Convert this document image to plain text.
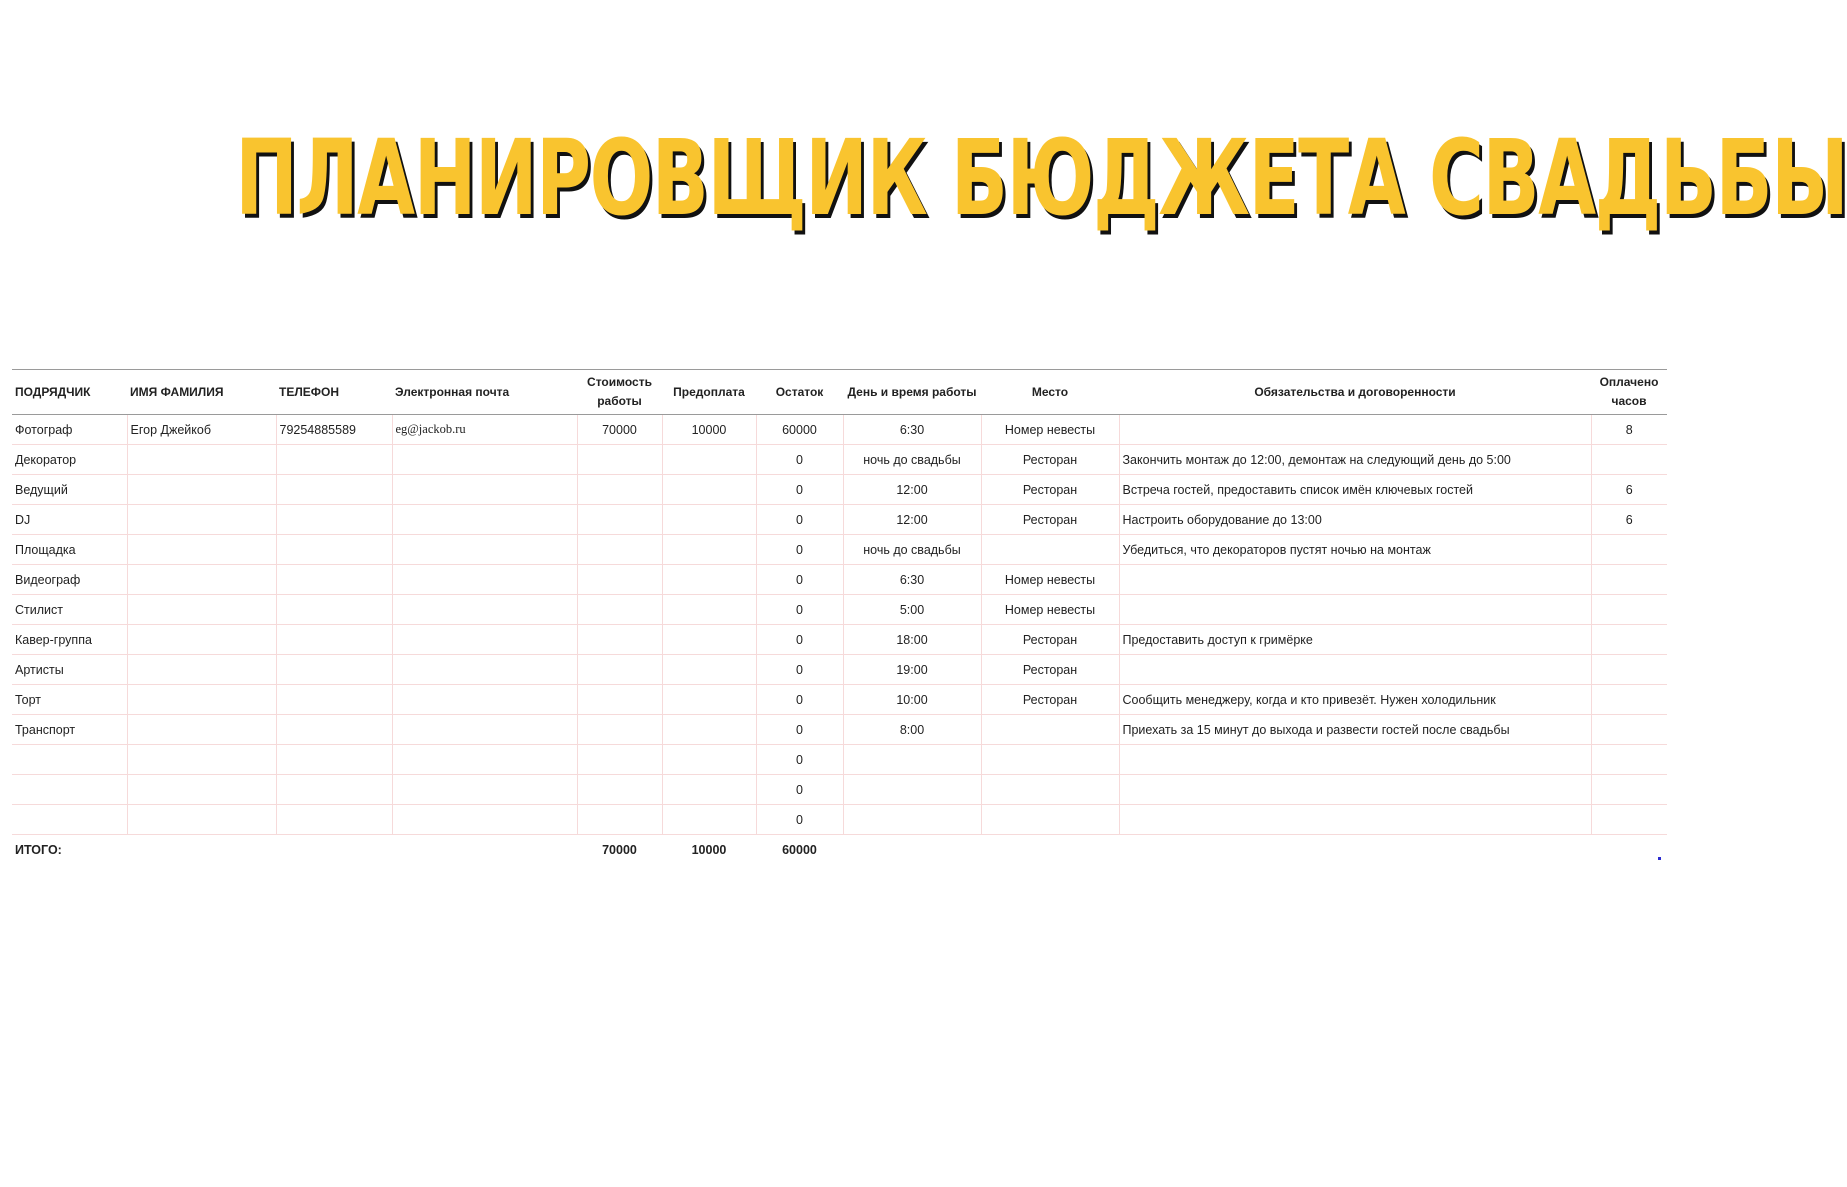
ПЛАНИРОВЩИК БЮДЖЕТА СВАДЬБЫ
ПОДРЯДЧИК	ИМЯ ФАМИЛИЯ	ТЕЛЕФОН	Электронная почта	Стоимость работы	Предоплата	Остаток	День и время работы	Место	Обязательства и договоренности	Оплачено часов
Фотограф	Егор Джейкоб	79254885589	eg@jackob.ru	70000	10000	60000	6:30	Номер невесты		8
Декоратор						0	ночь до свадьбы	Ресторан	Закончить монтаж до 12:00, демонтаж на следующий день до 5:00	
Ведущий						0	12:00	Ресторан	Встреча гостей, предоставить список имён ключевых гостей	6
DJ						0	12:00	Ресторан	Настроить оборудование до 13:00	6
Площадка						0	ночь до свадьбы		Убедиться, что декораторов пустят ночью на монтаж	
Видеограф						0	6:30	Номер невесты		
Стилист						0	5:00	Номер невесты		
Кавер-группа						0	18:00	Ресторан	Предоставить доступ к гримёрке	
Артисты						0	19:00	Ресторан		
Торт						0	10:00	Ресторан	Сообщить менеджеру, когда и кто привезёт. Нужен холодильник	
Транспорт						0	8:00		Приехать за 15 минут до выхода и развести гостей после свадьбы	
						0				
						0				
						0				
ИТОГО:				70000	10000	60000				
